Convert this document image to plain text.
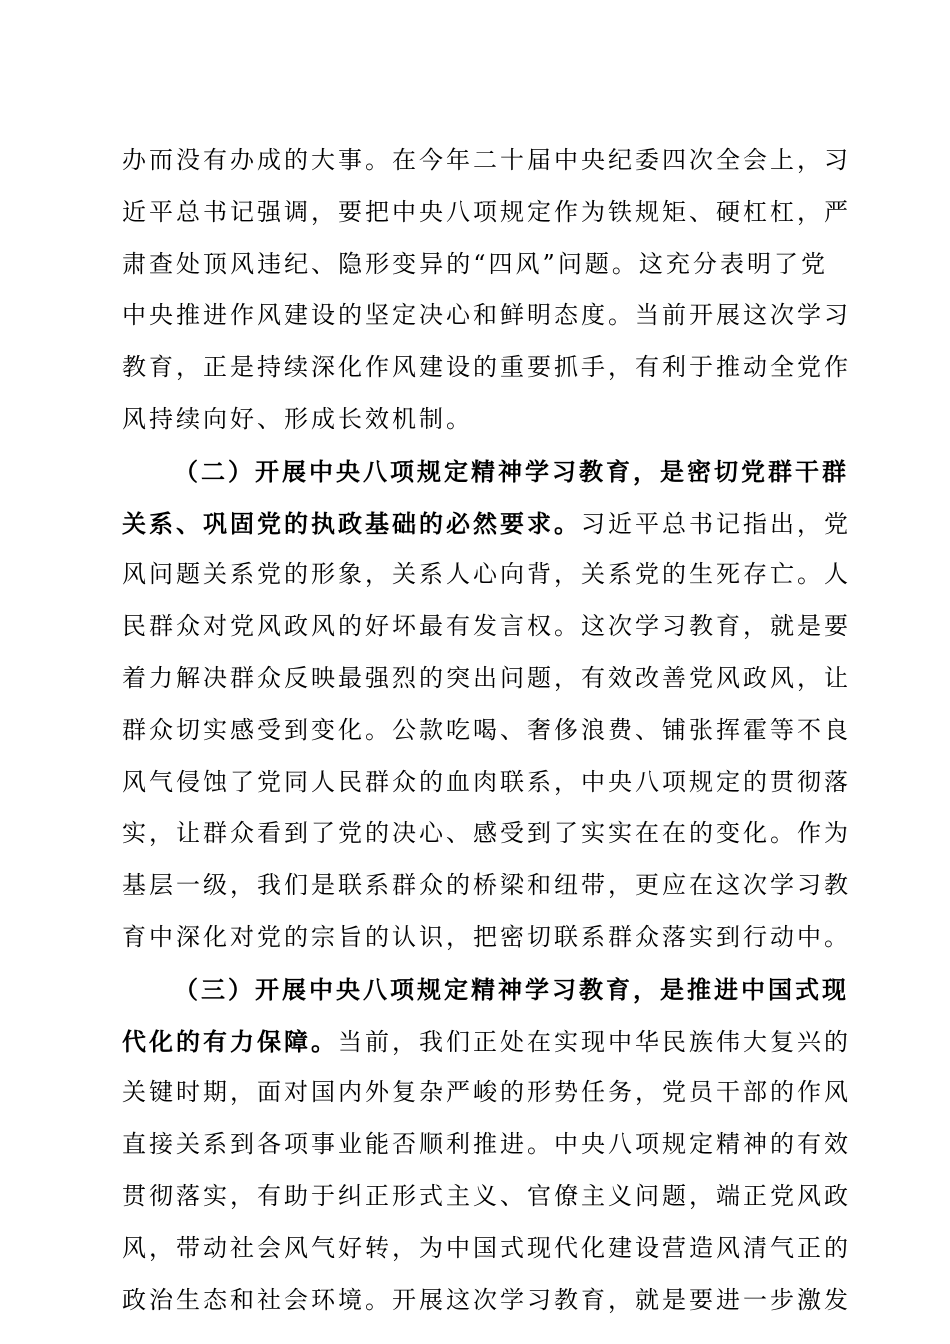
办而没有办成的大事。在今年二十届中央纪委四次全会上，习
近平总书记强调，要把中央八项规定作为铁规矩、硬杠杠，严
肃查处顶风违纪、隐形变异的“四风”问题。这充分表明了党
中央推进作风建设的坚定决心和鲜明态度。当前开展这次学习
教育，正是持续深化作风建设的重要抓手，有利于推动全党作
风持续向好、形成长效机制。
（二）开展中央八项规定精神学习教育，是密切党群干群
关系、巩固党的执政基础的必然要求。习近平总书记指出，党
风问题关系党的形象，关系人心向背，关系党的生死存亡。人
民群众对党风政风的好坏最有发言权。这次学习教育，就是要
着力解决群众反映最强烈的突出问题，有效改善党风政风，让
群众切实感受到变化。公款吃喝、奢侈浪费、铺张挥霍等不良
风气侵蚀了党同人民群众的血肉联系，中央八项规定的贯彻落
实，让群众看到了党的决心、感受到了实实在在的变化。作为
基层一级，我们是联系群众的桥梁和纽带，更应在这次学习教
育中深化对党的宗旨的认识，把密切联系群众落实到行动中。
（三）开展中央八项规定精神学习教育，是推进中国式现
代化的有力保障。当前，我们正处在实现中华民族伟大复兴的
关键时期，面对国内外复杂严峻的形势任务，党员干部的作风
直接关系到各项事业能否顺利推进。中央八项规定精神的有效
贯彻落实，有助于纠正形式主义、官僚主义问题，端正党风政
风，带动社会风气好转，为中国式现代化建设营造风清气正的
政治生态和社会环境。开展这次学习教育，就是要进一步激发
